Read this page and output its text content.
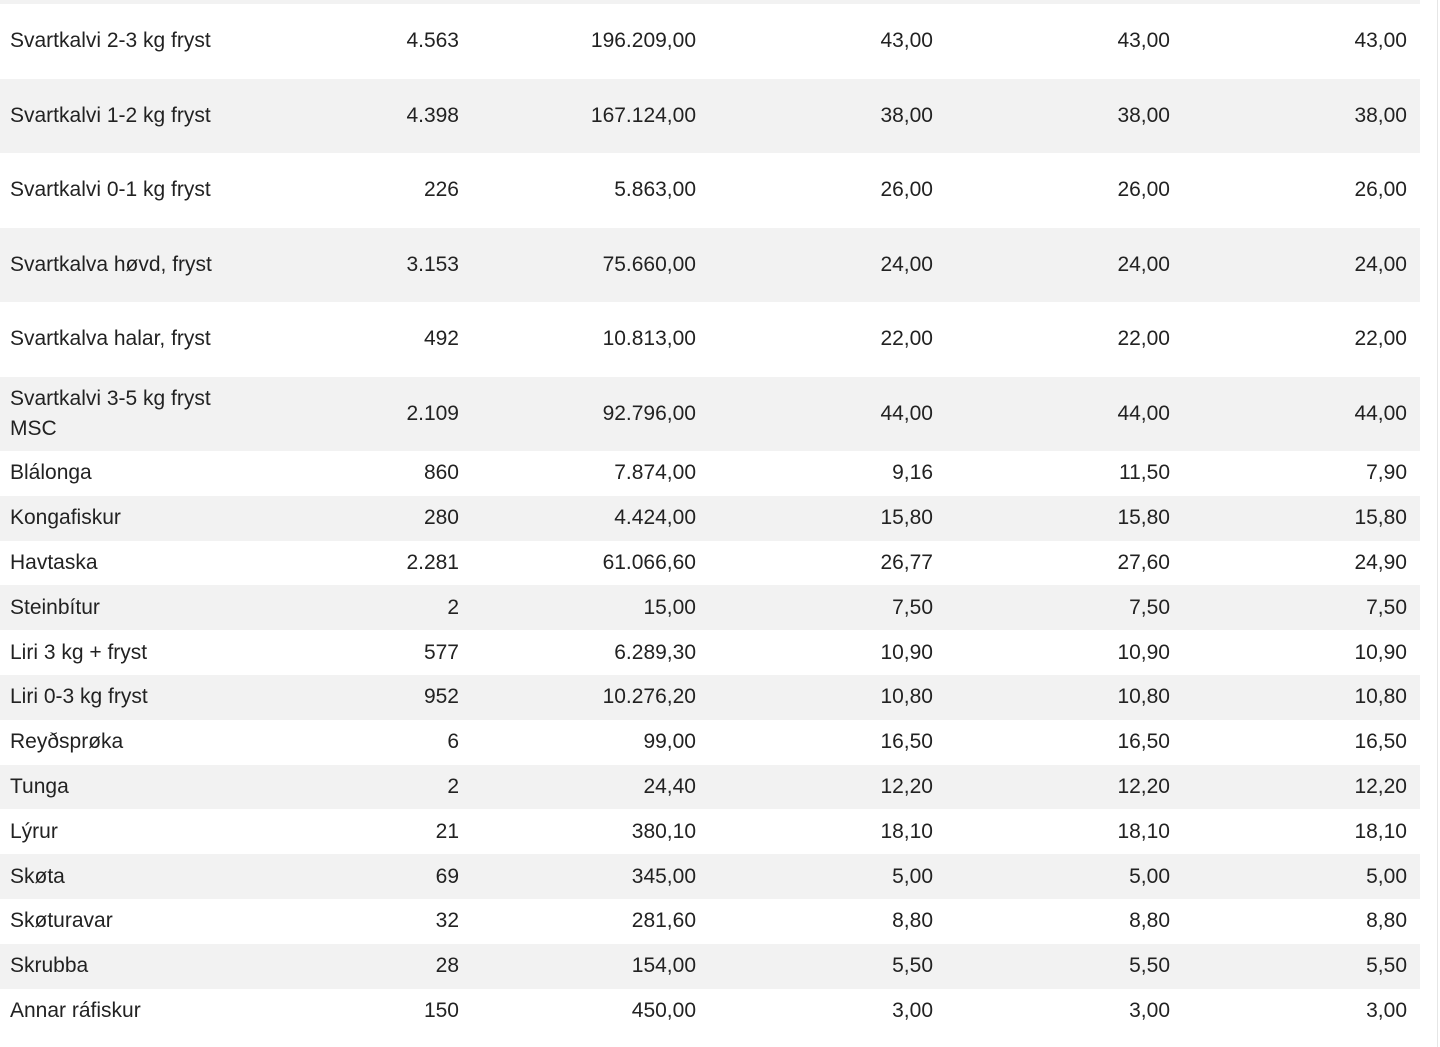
Svartkalvi 2-3 kg fryst	4.563	196.209,00	43,00	43,00	43,00
Svartkalvi 1-2 kg fryst	4.398	167.124,00	38,00	38,00	38,00
Svartkalvi 0-1 kg fryst	226	5.863,00	26,00	26,00	26,00
Svartkalva høvd, fryst	3.153	75.660,00	24,00	24,00	24,00
Svartkalva halar, fryst	492	10.813,00	22,00	22,00	22,00
Svartkalvi 3-5 kg fryst MSC	2.109	92.796,00	44,00	44,00	44,00
Blálonga	860	7.874,00	9,16	11,50	7,90
Kongafiskur	280	4.424,00	15,80	15,80	15,80
Havtaska	2.281	61.066,60	26,77	27,60	24,90
Steinbítur	2	15,00	7,50	7,50	7,50
Liri 3 kg + fryst	577	6.289,30	10,90	10,90	10,90
Liri 0-3 kg fryst	952	10.276,20	10,80	10,80	10,80
Reyðsprøka	6	99,00	16,50	16,50	16,50
Tunga	2	24,40	12,20	12,20	12,20
Lýrur	21	380,10	18,10	18,10	18,10
Skøta	69	345,00	5,00	5,00	5,00
Skøturavar	32	281,60	8,80	8,80	8,80
Skrubba	28	154,00	5,50	5,50	5,50
Annar ráfiskur	150	450,00	3,00	3,00	3,00
